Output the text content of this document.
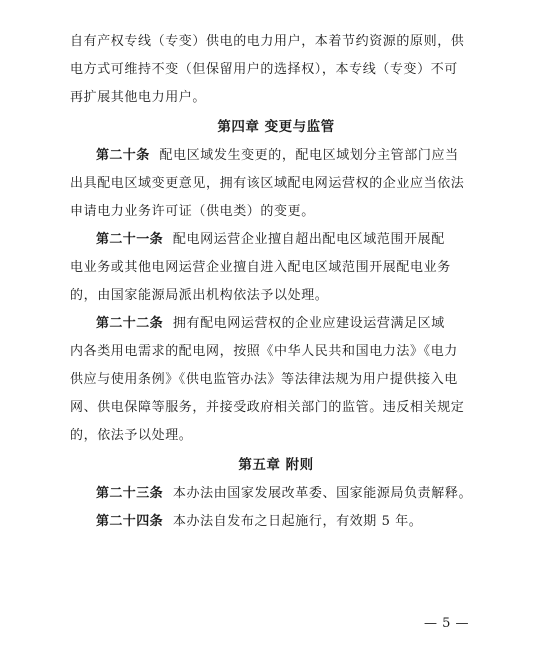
自有产权专线（专变）供电的电力用户，本着节约资源的原则，供
电方式可维持不变（但保留用户的选择权），本专线（专变）不可
再扩展其他电力用户。
第四章 变更与监管
第二十条 配电区域发生变更的，配电区域划分主管部门应当
出具配电区域变更意见，拥有该区域配电网运营权的企业应当依法
申请电力业务许可证（供电类）的变更。
第二十一条 配电网运营企业擅自超出配电区域范围开展配
电业务或其他电网运营企业擅自进入配电区域范围开展配电业务
的，由国家能源局派出机构依法予以处理。
第二十二条 拥有配电网运营权的企业应建设运营满足区域
内各类用电需求的配电网，按照《中华人民共和国电力法》《电力
供应与使用条例》《供电监管办法》等法律法规为用户提供接入电
网、供电保障等服务，并接受政府相关部门的监管。违反相关规定
的，依法予以处理。
第五章 附则
第二十三条 本办法由国家发展改革委、国家能源局负责解释。
第二十四条 本办法自发布之日起施行，有效期 5 年。
— 5 —
